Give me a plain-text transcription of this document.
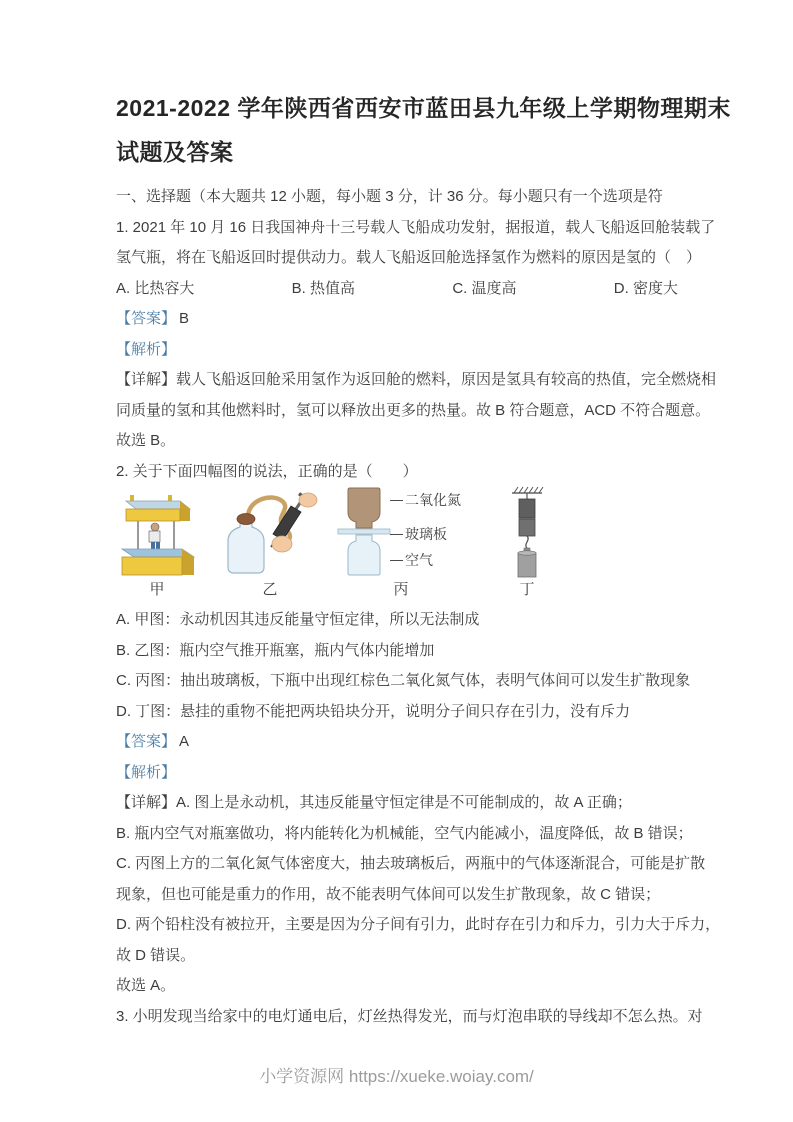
2021-2022 学年陕西省西安市蓝田县九年级上学期物理期末
试题及答案

一、选择题（本大题共 12 小题，每小题 3 分，计 36 分。每小题只有一个选项是符

1. 2021 年 10 月 16 日我国神舟十三号载人飞船成功发射，据报道，载人飞船返回舱装载了

氢气瓶，将在飞船返回时提供动力。载人飞船返回舱选择氢作为燃料的原因是氢的（　）

A. 比热容大	B. 热值高	C. 温度高	D. 密度大

【答案】 B

【解析】

【详解】载人飞船返回舱采用氢作为返回舱的燃料，原因是氢具有较高的热值，完全燃烧相

同质量的氢和其他燃料时，氢可以释放出更多的热量。故 B 符合题意，ACD 不符合题意。

故选 B。

2. 关于下面四幅图的说法，正确的是（　　）

甲	乙
二氧化氮
玻璃板
空气
丙	丁

A. 甲图：永动机因其违反能量守恒定律，所以无法制成

B. 乙图：瓶内空气推开瓶塞，瓶内气体内能增加

C. 丙图：抽出玻璃板，下瓶中出现红棕色二氧化氮气体，表明气体间可以发生扩散现象

D. 丁图：悬挂的重物不能把两块铅块分开，说明分子间只存在引力，没有斥力

【答案】 A

【解析】

【详解】A. 图上是永动机，其违反能量守恒定律是不可能制成的，故 A 正确；

B. 瓶内空气对瓶塞做功，将内能转化为机械能，空气内能减小，温度降低，故 B 错误；

C. 丙图上方的二氧化氮气体密度大，抽去玻璃板后，两瓶中的气体逐渐混合，可能是扩散

现象，但也可能是重力的作用，故不能表明气体间可以发生扩散现象，故 C 错误；

D. 两个铅柱没有被拉开，主要是因为分子间有引力，此时存在引力和斥力，引力大于斥力，

故 D 错误。

故选 A。

3. 小明发现当给家中的电灯通电后，灯丝热得发光，而与灯泡串联的导线却不怎么热。对

小学资源网 https://xueke.woiay.com/
